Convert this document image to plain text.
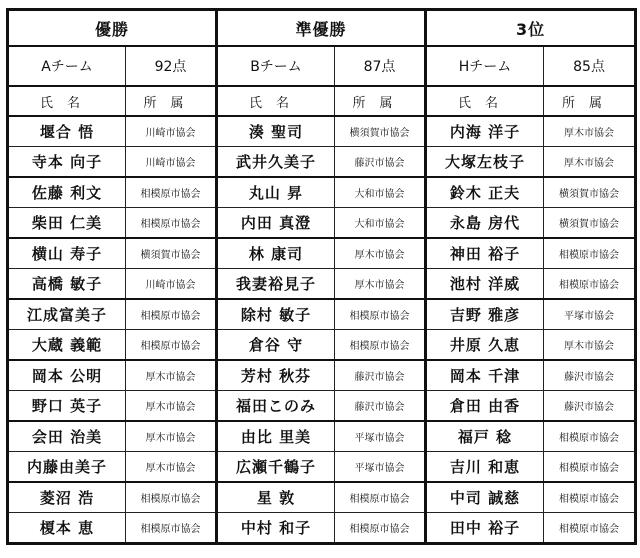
優勝		準優勝		3位	
Aチーム	92点	Bチーム	87点	Hチーム	85点
氏名	所属	氏名	所属	氏名	所属
堰合 悟	川崎市協会	湊 聖司	横須賀市協会	内海 洋子	厚木市協会
寺本 向子	川崎市協会	武井久美子	藤沢市協会	大塚左枝子	厚木市協会
佐藤 利文	相模原市協会	丸山 昇	大和市協会	鈴木 正夫	横須賀市協会
柴田 仁美	相模原市協会	内田 真澄	大和市協会	永島 房代	横須賀市協会
横山 寿子	横須賀市協会	林 康司	厚木市協会	神田 裕子	相模原市協会
高橋 敏子	川崎市協会	我妻裕見子	厚木市協会	池村 洋威	相模原市協会
江成富美子	相模原市協会	除村 敏子	相模原市協会	吉野 雅彦	平塚市協会
大蔵 義範	相模原市協会	倉谷 守	相模原市協会	井原 久恵	厚木市協会
岡本 公明	厚木市協会	芳村 秋芬	藤沢市協会	岡本 千津	藤沢市協会
野口 英子	厚木市協会	福田このみ	藤沢市協会	倉田 由香	藤沢市協会
会田 治美	厚木市協会	由比 里美	平塚市協会	福戸 稔	相模原市協会
内藤由美子	厚木市協会	広瀬千鶴子	平塚市協会	吉川 和恵	相模原市協会
菱沼 浩	相模原市協会	星 敦	相模原市協会	中司 誠慈	相模原市協会
榎本 恵	相模原市協会	中村 和子	相模原市協会	田中 裕子	相模原市協会
